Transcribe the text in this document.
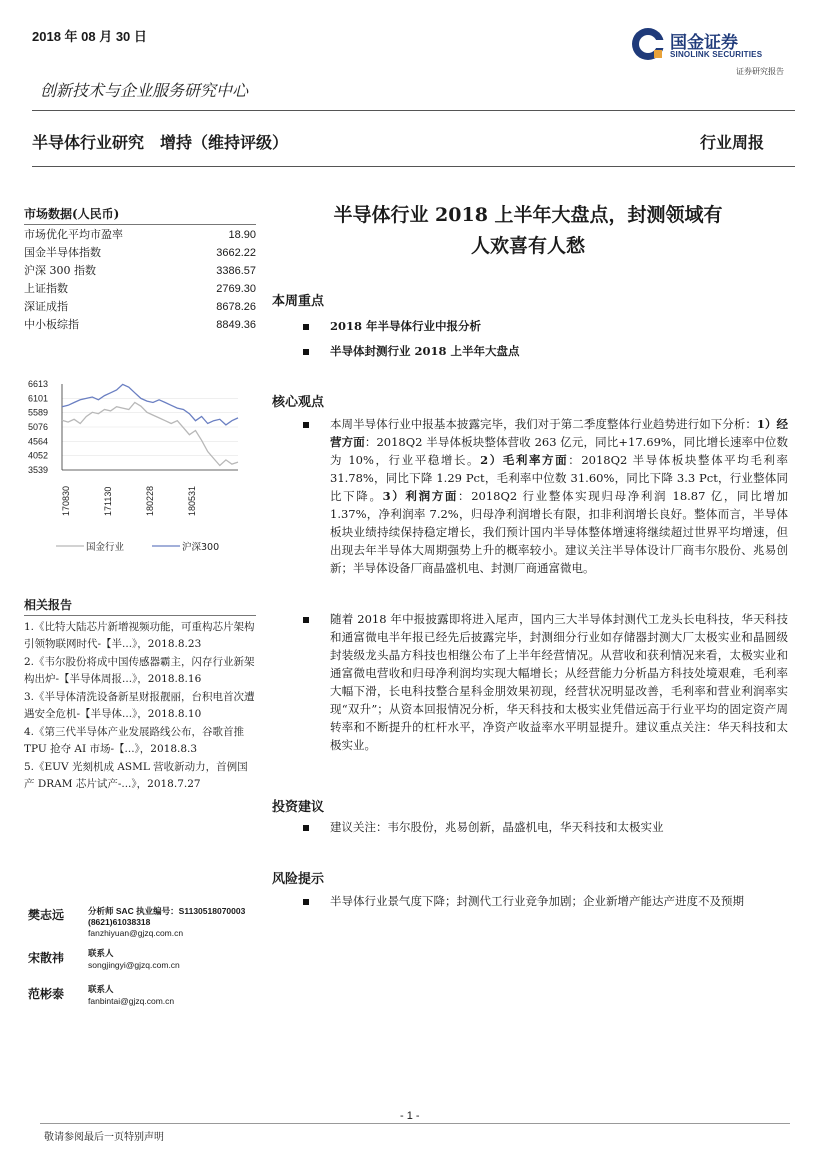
2018 年 08 月 30 日	国金证券
SINOLINK SECURITIES
证券研究报告
创新技术与企业服务研究中心
半导体行业研究　增持（维持评级）	行业周报
半导体行业 2018 上半年大盘点，封测领域有
人欢喜有人愁
市场数据(人民币)
市场优化平均市盈率	18.90
国金半导体指数	3662.22
沪深 300 指数	3386.57
上证指数	2769.30
深证成指	8678.26
中小板综指	8849.36
6613
6101
5589
5076
4564
4052
3539
170830	171130	180228	180531
国金行业	沪深300
相关报告
1.《比特大陆芯片新增视频功能，可重构芯片架构引领物联网时代-【半...》，2018.8.23
2.《韦尔股份将成中国传感器霸主，闪存行业新架构出炉-【半导体周报...》，2018.8.16
3.《半导体清洗设备新星财报靓丽，台积电首次遭遇安全危机-【半导体...》，2018.8.10
4.《第三代半导体产业发展路线公布，谷歌首推 TPU 抢夺 AI 市场-【...》，2018.8.3
5.《EUV 光刻机成 ASML 营收新动力，首例国产 DRAM 芯片试产-...》，2018.7.27
樊志远	分析师 SAC 执业编号：S1130518070003
(8621)61038318
fanzhiyuan@gjzq.com.cn
宋散祎	联系人
songjingyi@gjzq.com.cn
范彬泰	联系人
fanbintai@gjzq.com.cn
本周重点
2018 年半导体行业中报分析
半导体封测行业 2018 上半年大盘点
核心观点
本周半导体行业中报基本披露完毕，我们对于第二季度整体行业趋势进行如下分析：1）经营方面：2018Q2 半导体板块整体营收 263 亿元，同比+17.69%，同比增长速率中位数为 10%，行业平稳增长。2）毛利率方面：2018Q2 半导体板块整体平均毛利率 31.78%，同比下降 1.29 Pct，毛利率中位数 31.60%，同比下降 3.3 Pct，行业整体同比下降。3）利润方面：2018Q2 行业整体实现归母净利润 18.87 亿，同比增加 1.37%，净利润率 7.2%，归母净利润增长有限，扣非利润增长良好。整体而言，半导体板块业绩持续保持稳定增长，我们预计国内半导体整体增速将继续超过世界平均增速，但出现去年半导体大周期强势上升的概率较小。建议关注半导体设计厂商韦尔股份、兆易创新；半导体设备厂商晶盛机电、封测厂商通富微电。
随着 2018 年中报披露即将进入尾声，国内三大半导体封测代工龙头长电科技，华天科技和通富微电半年报已经先后披露完毕，封测细分行业如存储器封测大厂太极实业和晶圆级封装级龙头晶方科技也相继公布了上半年经营情况。从营收和获利情况来看，太极实业和通富微电营收和归母净利润均实现大幅增长；从经营能力分析晶方科技处境艰难，毛利率大幅下滑，长电科技整合星科金朋效果初现，经营状况明显改善，毛利率和营业利润率实现“双升”；从资本回报情况分析，华天科技和太极实业凭借远高于行业平均的固定资产周转率和不断提升的杠杆水平，净资产收益率水平明显提升。建议重点关注：华天科技和太极实业。
投资建议
建议关注：韦尔股份，兆易创新，晶盛机电，华天科技和太极实业
风险提示
半导体行业景气度下降；封测代工行业竞争加剧；企业新增产能达产进度不及预期
- 1 -
敬请参阅最后一页特别声明
